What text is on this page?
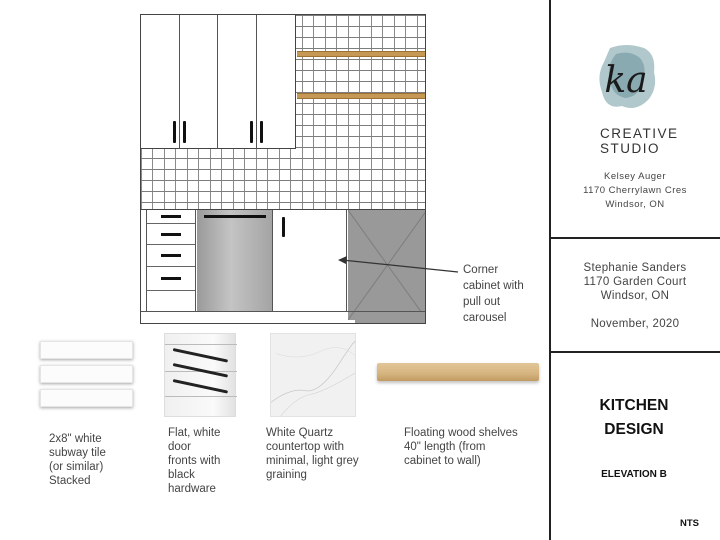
Corner
cabinet with
pull out
carousel
2x8" white
subway tile
(or similar)
Stacked
Flat, white
door
fronts with
black
hardware
White Quartz
countertop with
minimal, light grey
graining
Floating wood shelves
40" length (from
cabinet to wall)
ka
CREATIVE
STUDIO
Kelsey Auger
1170 Cherrylawn Cres
Windsor, ON
Stephanie Sanders
1170 Garden Court
Windsor, ON
November, 2020
KITCHEN
DESIGN
ELEVATION B
NTS
